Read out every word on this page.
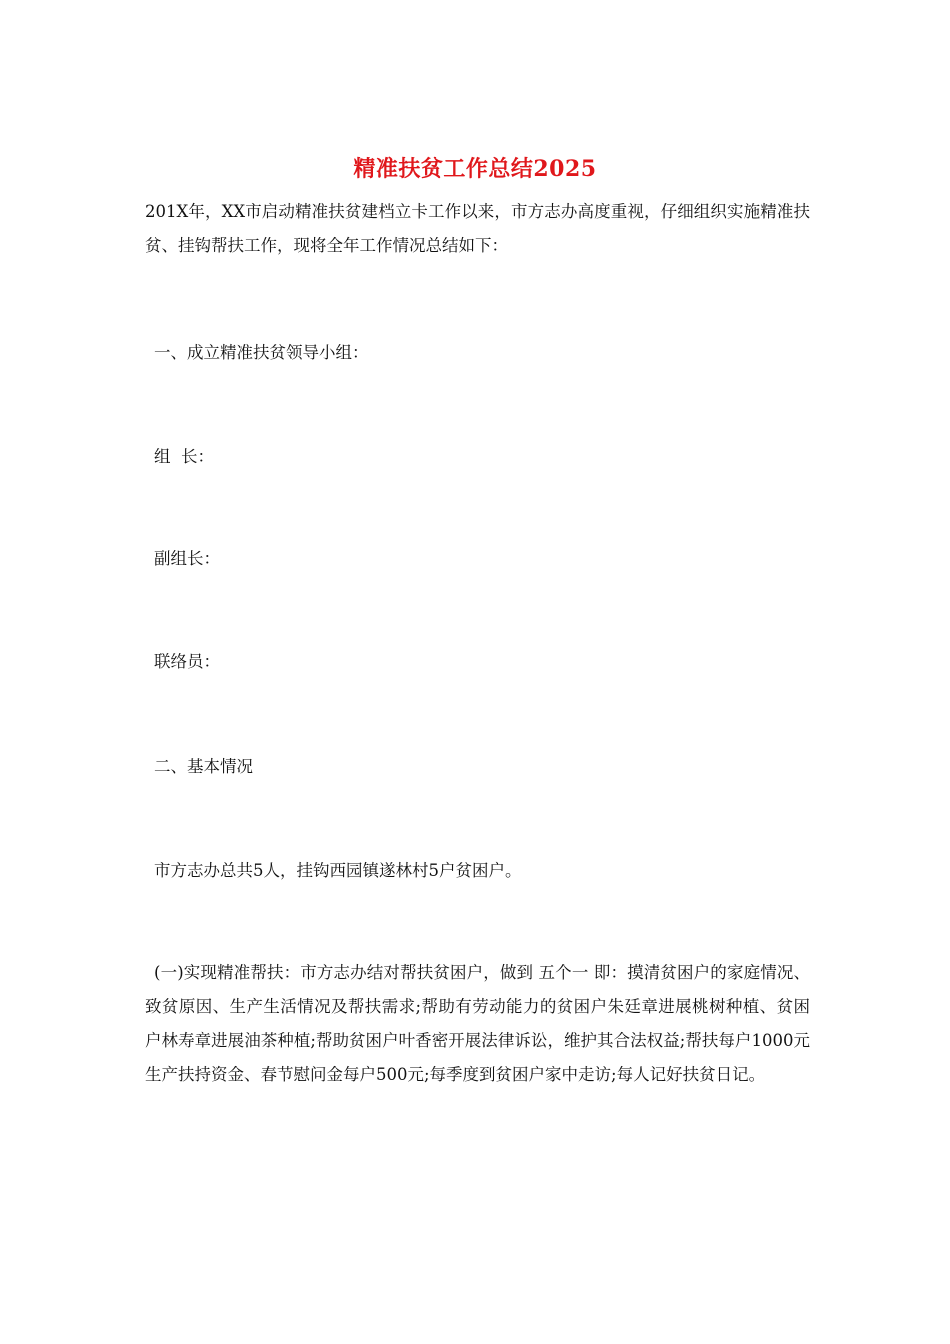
精准扶贫工作总结2025
201X年，XX市启动精准扶贫建档立卡工作以来，市方志办高度重视，仔细组织实施精准扶贫、挂钩帮扶工作，现将全年工作情况总结如下：
一、成立精准扶贫领导小组：
组  长：
副组长：
联络员：
二、基本情况
市方志办总共5人，挂钩西园镇遂林村5户贫困户。
(一)实现精准帮扶：市方志办结对帮扶贫困户，做到 五个一 即：摸清贫困户的家庭情况、致贫原因、生产生活情况及帮扶需求;帮助有劳动能力的贫困户朱廷章进展桃树种植、贫困户林寿章进展油茶种植;帮助贫困户叶香密开展法律诉讼，维护其合法权益;帮扶每户1000元生产扶持资金、春节慰问金每户500元;每季度到贫困户家中走访;每人记好扶贫日记。
